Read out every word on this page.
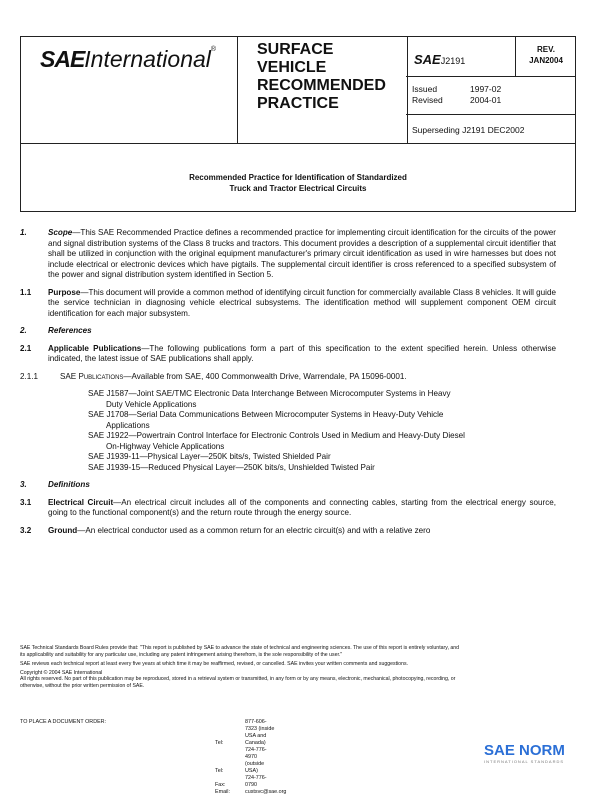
SAEInternational®	SURFACE
VEHICLE
RECOMMENDED
PRACTICE
SAEJ2191
REV.
JAN2004
Issued	1997-02
Revised	2004-01
Superseding J2191 DEC2002
Recommended Practice for Identification of Standardized
Truck and Tractor Electrical Circuits
1.	Scope—This SAE Recommended Practice defines a recommended practice for implementing circuit identification for the circuits of the power and signal distribution systems of the Class 8 trucks and tractors. This document provides a description of a supplemental circuit identifier that shall be utilized in conjunction with the original equipment manufacturer's primary circuit identification as used in wire harnesses but does not include electrical or electronic devices which have pigtails. The supplemental circuit identifier is cross referenced to a specified subsystem of the power and signal distribution system identified in Section 5.
1.1 Purpose—This document will provide a common method of identifying circuit function for commercially available Class 8 vehicles. It will guide the service technician in diagnosing vehicle electrical subsystems. The identification method will supplement component OEM circuit identification for each major subsystem.
2.	References
2.1 Applicable Publications—The following publications form a part of this specification to the extent specified herein. Unless otherwise indicated, the latest issue of SAE publications shall apply.
2.1.1	SAE Publications—Available from SAE, 400 Commonwealth Drive, Warrendale, PA 15096-0001.
SAE J1587—Joint SAE/TMC Electronic Data Interchange Between Microcomputer Systems in Heavy
Duty Vehicle Applications
SAE J1708—Serial Data Communications Between Microcomputer Systems in Heavy-Duty Vehicle
Applications
SAE J1922—Powertrain Control Interface for Electronic Controls Used in Medium and Heavy-Duty Diesel
On-Highway Vehicle Applications
SAE J1939-11—Physical Layer—250K bits/s, Twisted Shielded Pair
SAE J1939-15—Reduced Physical Layer—250K bits/s, Unshielded Twisted Pair
3.	Definitions
3.1 Electrical Circuit—An electrical circuit includes all of the components and connecting cables, starting from the electrical energy source, going to the functional component(s) and the return route through the energy source.
3.2 Ground—An electrical conductor used as a common return for an electric circuit(s) and with a relative zero

SAE Technical Standards Board Rules provide that: "This report is published by SAE to advance the state of technical and engineering sciences. The use of this report is entirely voluntary, and its applicability and suitability for any particular use, including any patent infringement arising therefrom, is the sole responsibility of the user."

SAE reviews each technical report at least every five years at which time it may be reaffirmed, revised, or cancelled. SAE invites your written comments and suggestions.

Copyright © 2004 SAE International

All rights reserved. No part of this publication may be reproduced, stored in a retrieval system or transmitted, in any form or by any means, electronic, mechanical, photocopying, recording, or otherwise, without the prior written permission of SAE.

TO PLACE A DOCUMENT ORDER:
Tel:877-606-7323 (inside USA and Canada)
Tel:724-776-4970 (outside USA)
Fax:724-776-0790
Email:	custsvc@sae.org
SAE NORM
INTERNATIONAL STANDARDS
